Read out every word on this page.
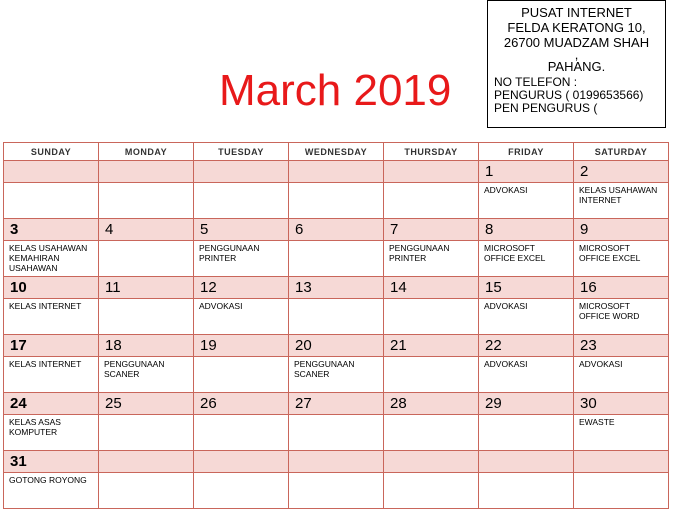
March 2019
PUSAT INTERNET
FELDA KERATONG 10,
26700 MUADZAM SHAH
,
PAHANG.
NO TELEFON :
PENGURUS ( 0199653566)
PEN PENGURUS (
SUNDAY	MONDAY	TUESDAY	WEDNESDAY	THURSDAY	FRIDAY	SATURDAY

					1	2

					ADVOKASI	KELAS USAHAWAN INTERNET

3	4	5	6	7	8	9

KELAS USAHAWAN
KEMAHIRAN
USAHAWAN		PENGGUNAAN
PRINTER		PENGGUNAAN
PRINTER	MICROSOFT
OFFICE EXCEL	MICROSOFT
OFFICE EXCEL

10	11	12	13	14	15	16

KELAS INTERNET		ADVOKASI			ADVOKASI	MICROSOFT
OFFICE WORD

17	18	19	20	21	22	23

KELAS INTERNET	PENGGUNAAN
SCANER		PENGGUNAAN
SCANER		ADVOKASI	ADVOKASI

24	25	26	27	28	29	30

KELAS ASAS
KOMPUTER						EWASTE

31						

GOTONG ROYONG						
